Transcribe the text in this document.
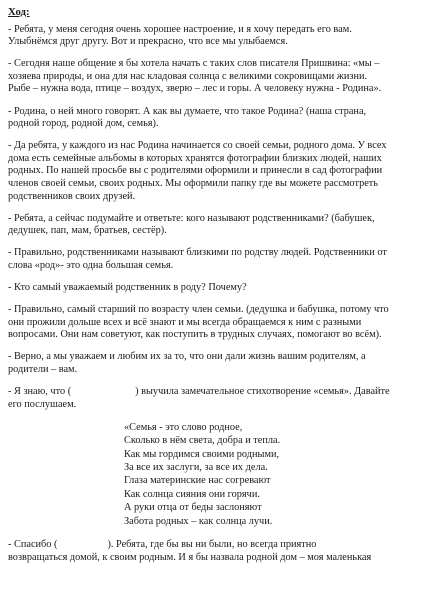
Ход:
- Ребята, у меня сегодня очень хорошее настроение, и я хочу передать его вам.
Улыбнёмся друг другу. Вот и прекрасно, что все мы улыбаемся.
- Сегодня наше общение я бы хотела начать с таких слов писателя Пришвина: «мы –
хозяева природы, и она для нас кладовая солнца с великими сокровищами жизни.
Рыбе – нужна вода, птице – воздух, зверю – лес и горы. А человеку нужна - Родина».
- Родина, о ней много говорят. А как вы думаете, что такое Родина? (наша страна,
родной город, родной дом, семья).
- Да ребята, у каждого из нас Родина начинается со своей семьи, родного дома. У всех
дома есть семейные альбомы в которых хранятся фотографии близких людей, наших
родных. По нашей просьбе вы с родителями оформили и принесли в сад фотографии
членов своей семьи, своих родных. Мы оформили папку где вы можете рассмотреть
родственников своих друзей.
- Ребята, а сейчас подумайте и ответьте: кого называют родственниками? (бабушек,
дедушек, пап, мам, братьев, сестёр).
- Правильно, родственниками называют близкими по родству людей. Родственники от
слова «род»- это одна большая семья.
- Кто самый уважаемый родственник в роду? Почему?
- Правильно, самый старший по возрасту член семьи. (дедушка и бабушка, потому что
они прожили дольше всех и всё знают и мы всегда обращаемся к ним с разными
вопросами. Они нам советуют, как поступить в трудных случаях, помогают во всём).
- Верно, а мы уважаем и любим их за то, что они дали жизнь вашим родителям, а
родители – вам.
- Я знаю, что (	) выучила замечательное стихотворение «семья». Давайте
его послушаем.
«Семья - это слово родное,
Сколько в нём света, добра и тепла.
Как мы гордимся своими родными,
За все их заслуги, за все их дела.
Глаза материнские нас согревают
Как солнца сияния они горячи.
А руки отца от беды заслоняют
Забота родных – как солнца лучи.
- Спасибо (	). Ребята, где бы вы ни были, но всегда приятно
возвращаться домой, к своим родным. И я бы назвала родной дом – моя маленькая
